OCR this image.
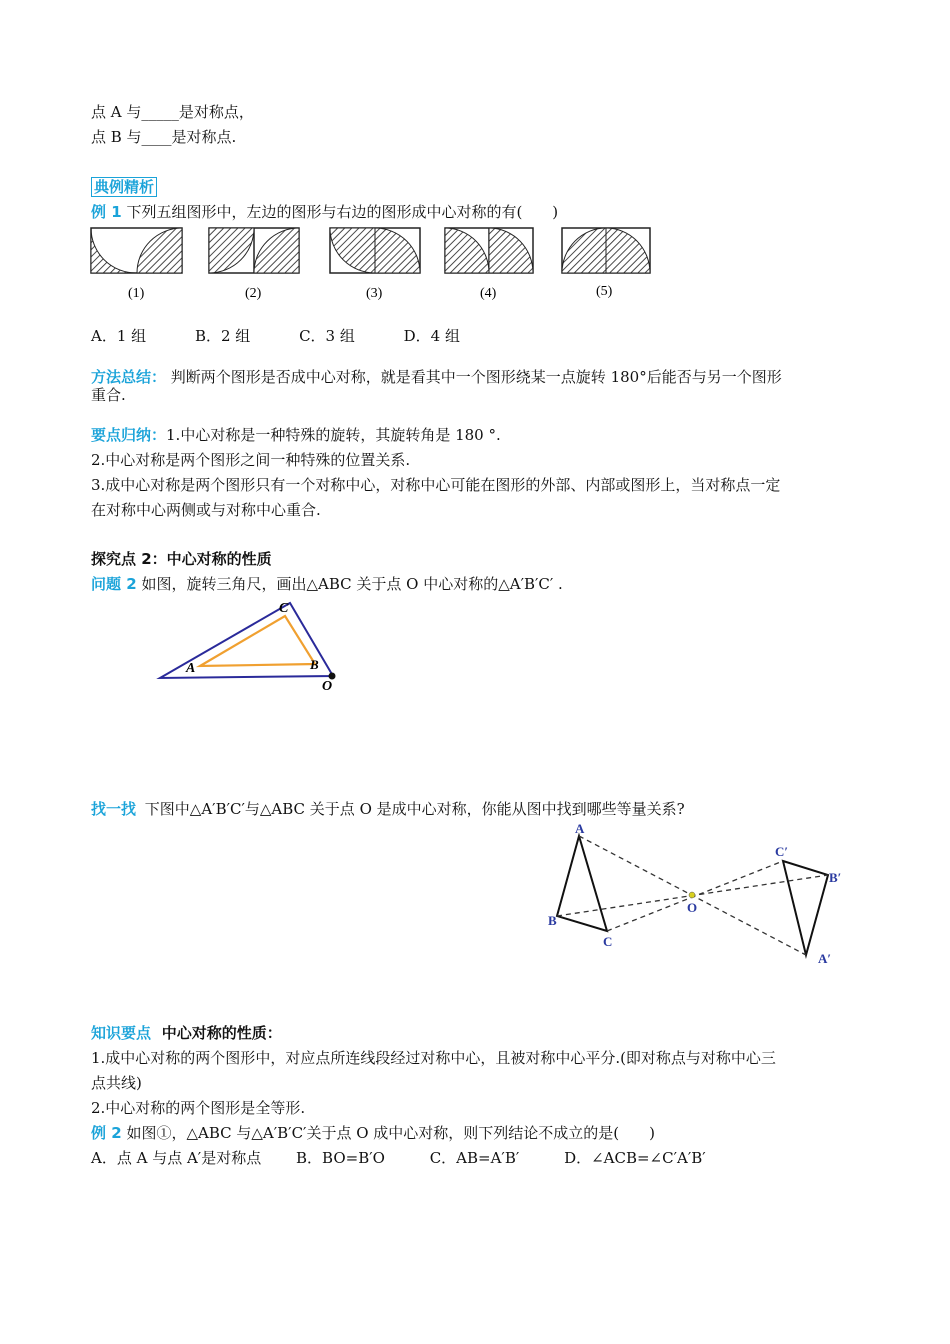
点 A 与_____是对称点，
点 B 与____是对称点.
典例精析
例 1 下列五组图形中，左边的图形与右边的图形成中心对称的有(　　)
(1)	(2)	(3)	(4)	(5)
A．1 组	B．2 组	C．3 组	D．4 组
方法总结： 判断两个图形是否成中心对称，就是看其中一个图形绕某一点旋转 180°后能否与另一个图形
重合.
要点归纳：1.中心对称是一种特殊的旋转，其旋转角是 180 °.
2.中心对称是两个图形之间一种特殊的位置关系.
3.成中心对称是两个图形只有一个对称中心，对称中心可能在图形的外部、内部或图形上，当对称点一定
在对称中心两侧或与对称中心重合.
探究点 2：中心对称的性质
问题 2 如图，旋转三角尺，画出△ABC 关于点 O 中心对称的△A′B′C′ .
C
A	B
O
找一找 下图中△A′B′C′与△ABC 关于点 O 是成中心对称，你能从图中找到哪些等量关系?
A
B
C
O
C′
B′
A′
知识要点 中心对称的性质：
1.成中心对称的两个图形中，对应点所连线段经过对称中心，且被对称中心平分.(即对称点与对称中心三
点共线)
2.中心对称的两个图形是全等形.
例 2 如图①，△ABC 与△A′B′C′关于点 O 成中心对称，则下列结论不成立的是(　　)
A．点 A 与点 A′是对称点 B．BO=B′O	C．AB=A′B′	D．∠ACB=∠C′A′B′
